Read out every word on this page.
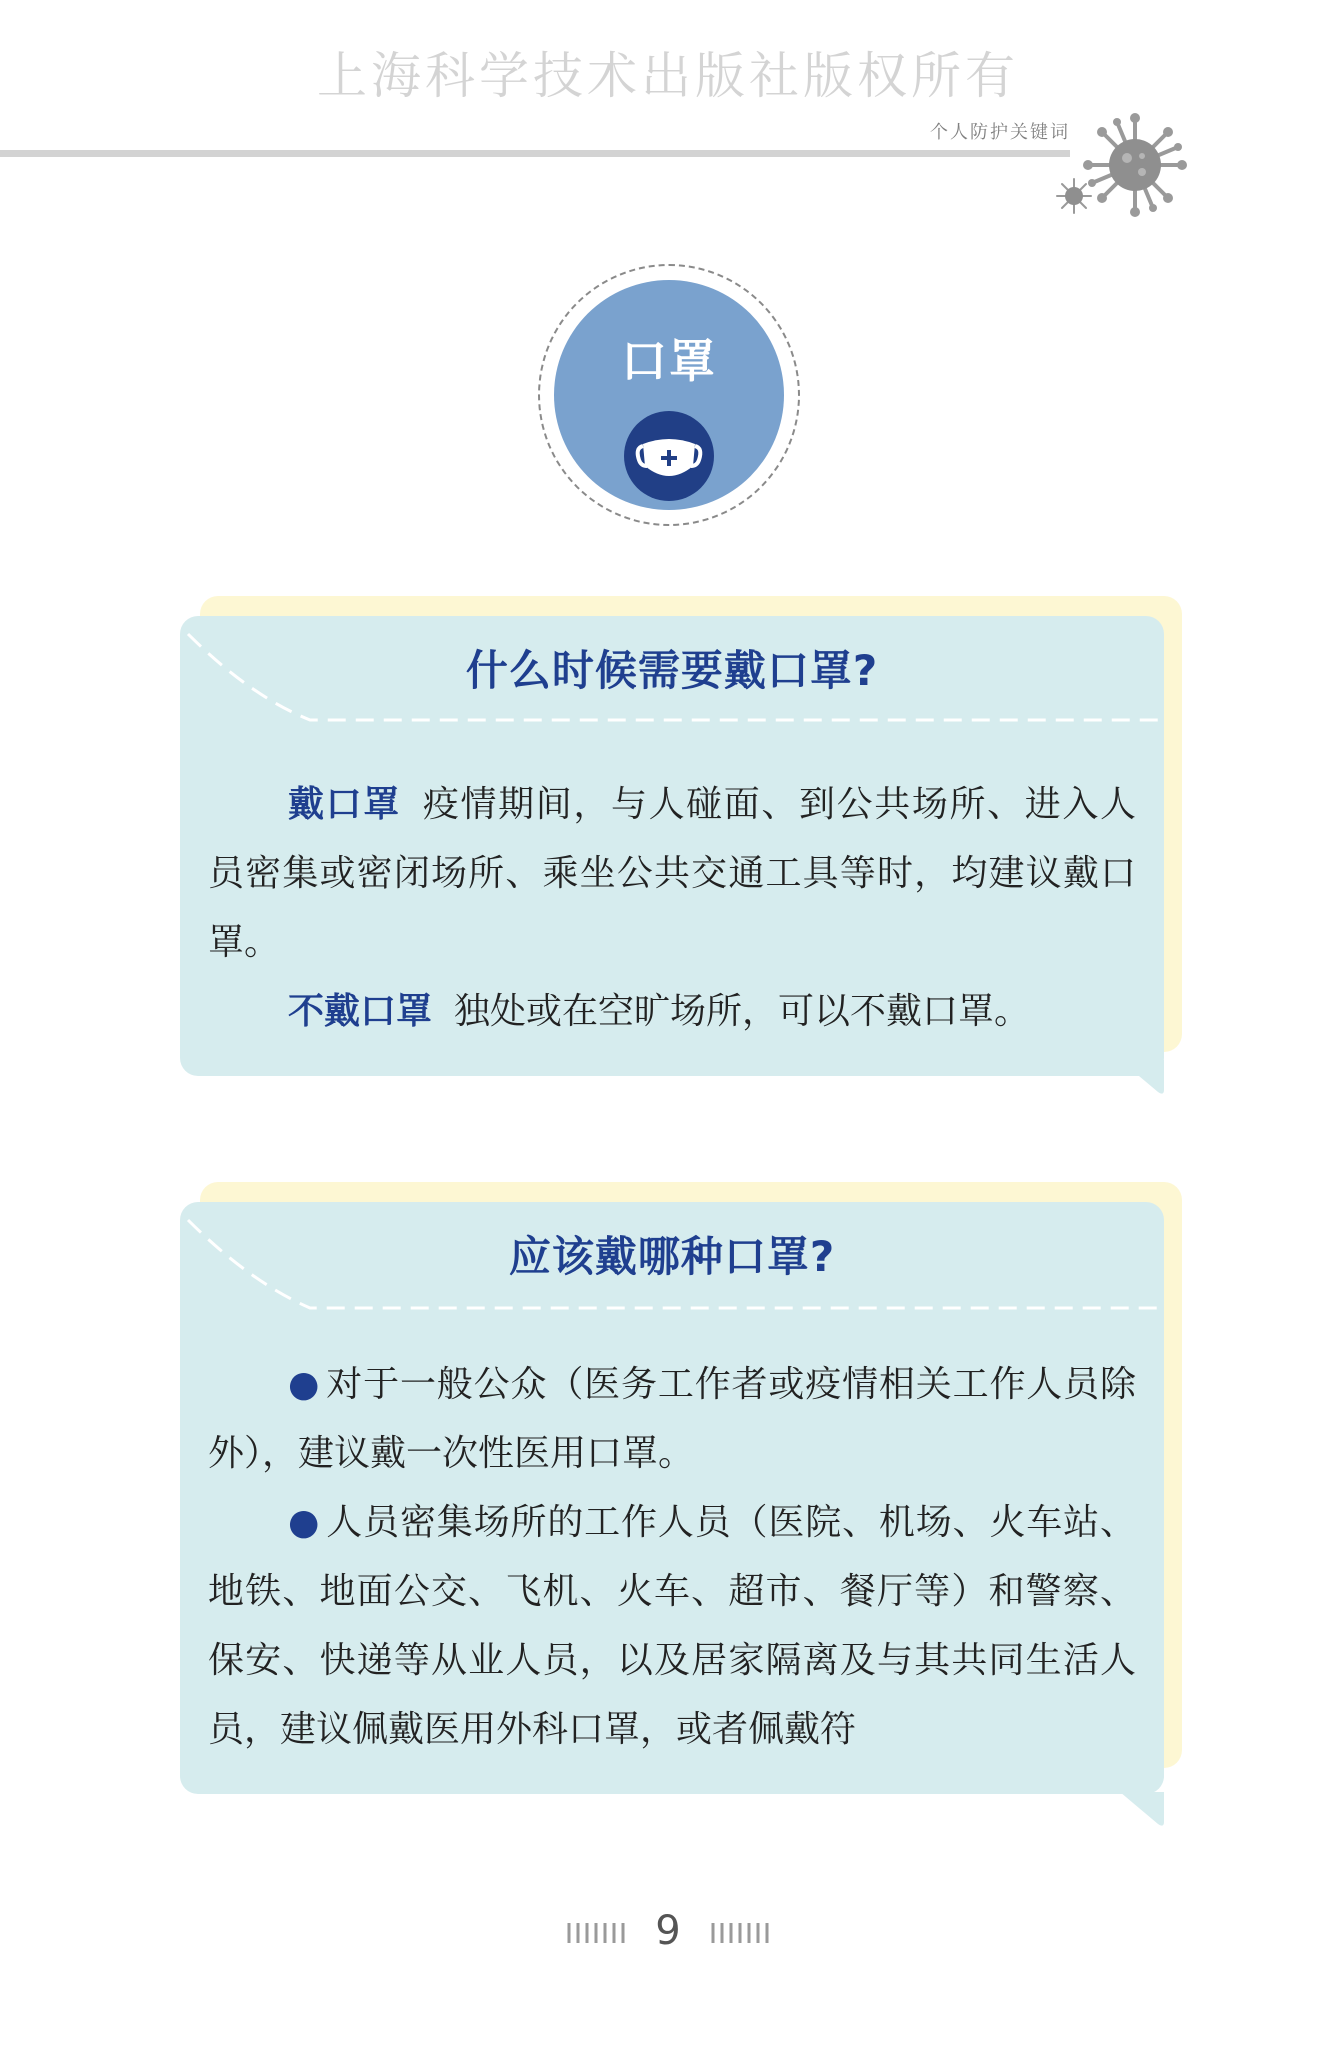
上海科学技术出版社版权所有
个人防护关键词
口罩
什么时候需要戴口罩?

戴口罩 疫情期间，与人碰面、到公共场所、进入人员密集或密闭场所、乘坐公共交通工具等时，均建议戴口罩。

不戴口罩 独处或在空旷场所，可以不戴口罩。

应该戴哪种口罩?

● 对于一般公众（医务工作者或疫情相关工作人员除外），建议戴一次性医用口罩。

● 人员密集场所的工作人员（医院、机场、火车站、地铁、地面公交、飞机、火车、超市、餐厅等）和警察、保安、快递等从业人员，以及居家隔离及与其共同生活人员，建议佩戴医用外科口罩，或者佩戴符

9
